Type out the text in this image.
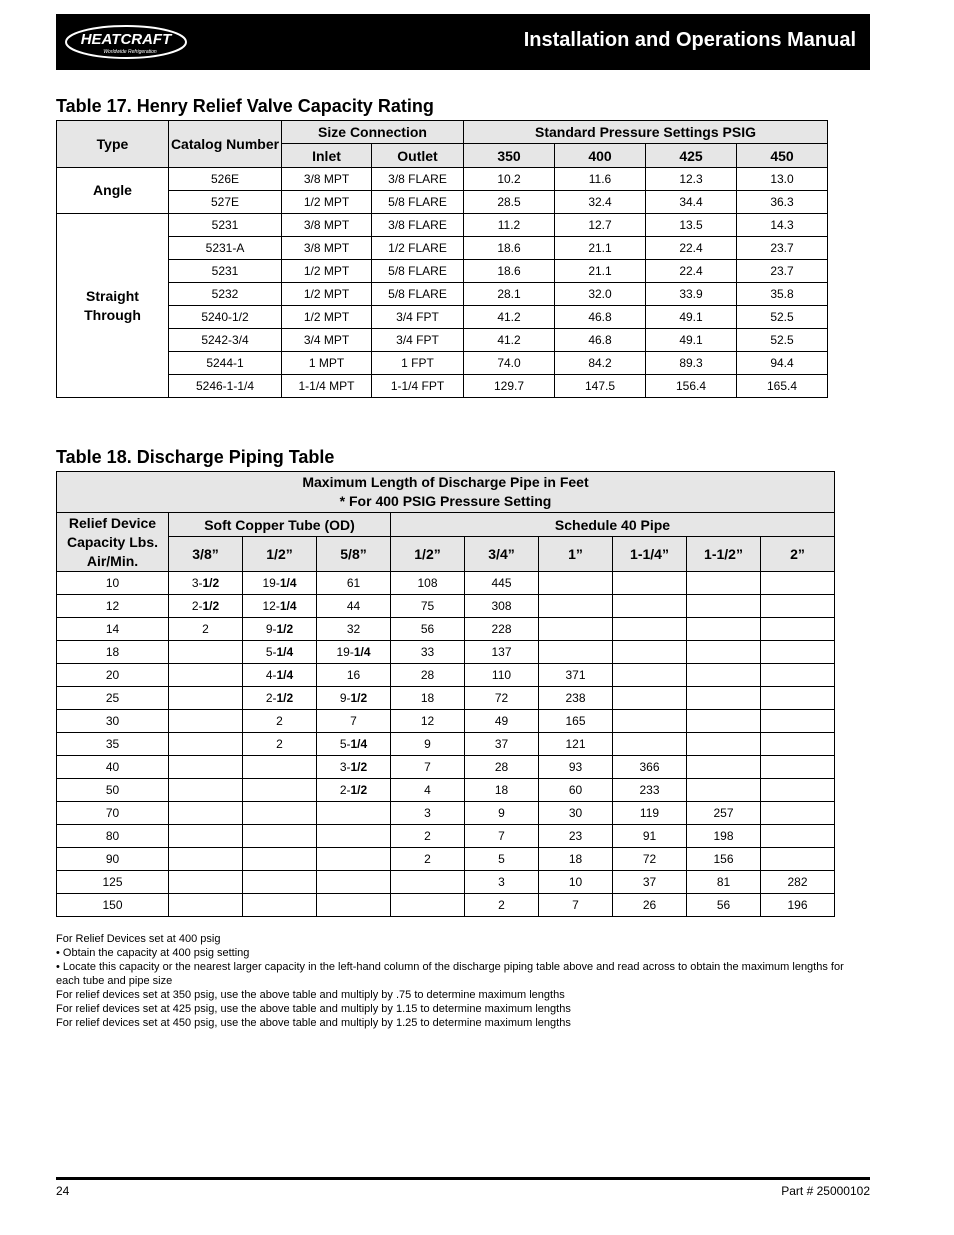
HEATCRAFT
Worldwide Refrigeration
Installation and Operations Manual
Table 17. Henry Relief Valve Capacity Rating
Type	Catalog Number	Size Connection		Standard Pressure Settings PSIG			
		Inlet	Outlet	350	400	425	450
Angle	526E	3/8 MPT	3/8 FLARE	10.2	11.6	12.3	13.0
	527E	1/2 MPT	5/8 FLARE	28.5	32.4	34.4	36.3
Straight Through	5231	3/8 MPT	3/8 FLARE	11.2	12.7	13.5	14.3
	5231-A	3/8 MPT	1/2 FLARE	18.6	21.1	22.4	23.7
	5231	1/2 MPT	5/8 FLARE	18.6	21.1	22.4	23.7
	5232	1/2 MPT	5/8 FLARE	28.1	32.0	33.9	35.8
	5240-1/2	1/2 MPT	3/4 FPT	41.2	46.8	49.1	52.5
	5242-3/4	3/4 MPT	3/4 FPT	41.2	46.8	49.1	52.5
	5244-1	1 MPT	1 FPT	74.0	84.2	89.3	94.4
	5246-1-1/4	1-1/4 MPT	1-1/4 FPT	129.7	147.5	156.4	165.4
Table 18. Discharge Piping Table
Maximum Length of Discharge Pipe in Feet
* For 400 PSIG Pressure Setting									

Relief Device Capacity Lbs. Air/Min.	Soft Copper Tube (OD)			Schedule 40 Pipe					
	3/8”	1/2”	5/8”	1/2”	3/4”	1”	1-1/4”	1-1/2”	2”
10	3-1/2	19-1/4	61	108	445				
12	2-1/2	12-1/4	44	75	308				
14	2	9-1/2	32	56	228				
18		5-1/4	19-1/4	33	137				
20		4-1/4	16	28	110	371			
25		2-1/2	9-1/2	18	72	238			
30		2	7	12	49	165			
35		2	5-1/4	9	37	121			
40			3-1/2	7	28	93	366		
50			2-1/2	4	18	60	233		
70				3	9	30	119	257	
80				2	7	23	91	198	
90				2	5	18	72	156	
125					3	10	37	81	282
150					2	7	26	56	196
For Relief Devices set at 400 psig
• Obtain the capacity at 400 psig setting
• Locate this capacity or the nearest larger capacity in the left-hand column of the discharge piping table above and read across to obtain the maximum lengths for each tube and pipe size
For relief devices set at 350 psig, use the above table and multiply by .75 to determine maximum lengths
For relief devices set at 425 psig, use the above table and multiply by 1.15 to determine maximum lengths
For relief devices set at 450 psig, use the above table and multiply by 1.25 to determine maximum lengths
24	Part # 25000102
